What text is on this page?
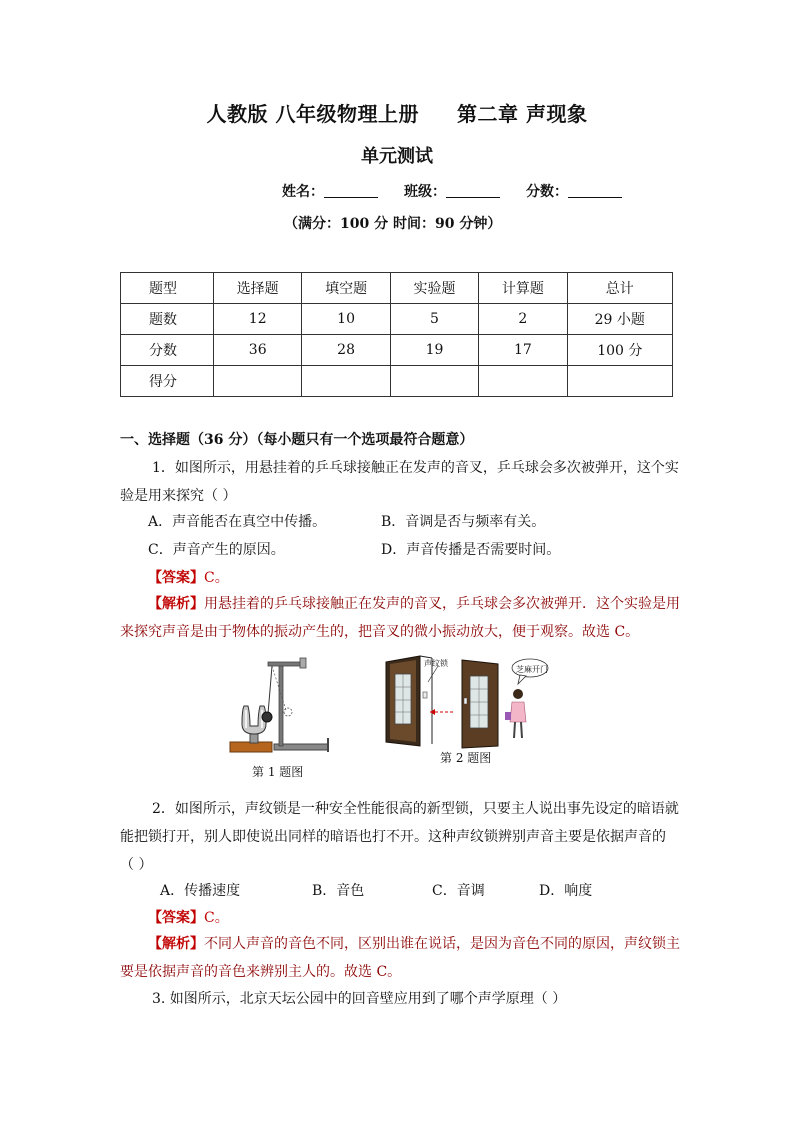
人教版 八年级物理上册 第二章 声现象
单元测试
姓名：	班级：	分数：
（满分：100 分 时间：90 分钟）
题型	选择题	填空题	实验题	计算题	总计
题数	12	10	5	2	29 小题
分数	36	28	19	17	100 分
得分					
一、选择题（36 分）（每小题只有一个选项最符合题意）
1．如图所示，用悬挂着的乒乓球接触正在发声的音叉，乒乓球会多次被弹开，这个实
验是用来探究（ ）
A．声音能否在真空中传播。	B．音调是否与频率有关。
C．声音产生的原因。	D．声音传播是否需要时间。
【答案】C。
【解析】用悬挂着的乒乓球接触正在发声的音叉，乒乓球会多次被弹开．这个实验是用
来探究声音是由于物体的振动产生的，把音叉的微小振动放大，便于观察。故选 C。
第 1 题图
声纹锁
芝麻开门
第 2 题图
2．如图所示，声纹锁是一种安全性能很高的新型锁，只要主人说出事先设定的暗语就
能把锁打开，别人即使说出同样的暗语也打不开。这种声纹锁辨别声音主要是依据声音的
（ ）
A．传播速度	B．音色	C．音调	D．响度
【答案】C。
【解析】不同人声音的音色不同，区别出谁在说话，是因为音色不同的原因，声纹锁主
要是依据声音的音色来辨别主人的。故选 C。
3. 如图所示，北京天坛公园中的回音壁应用到了哪个声学原理（ ）
